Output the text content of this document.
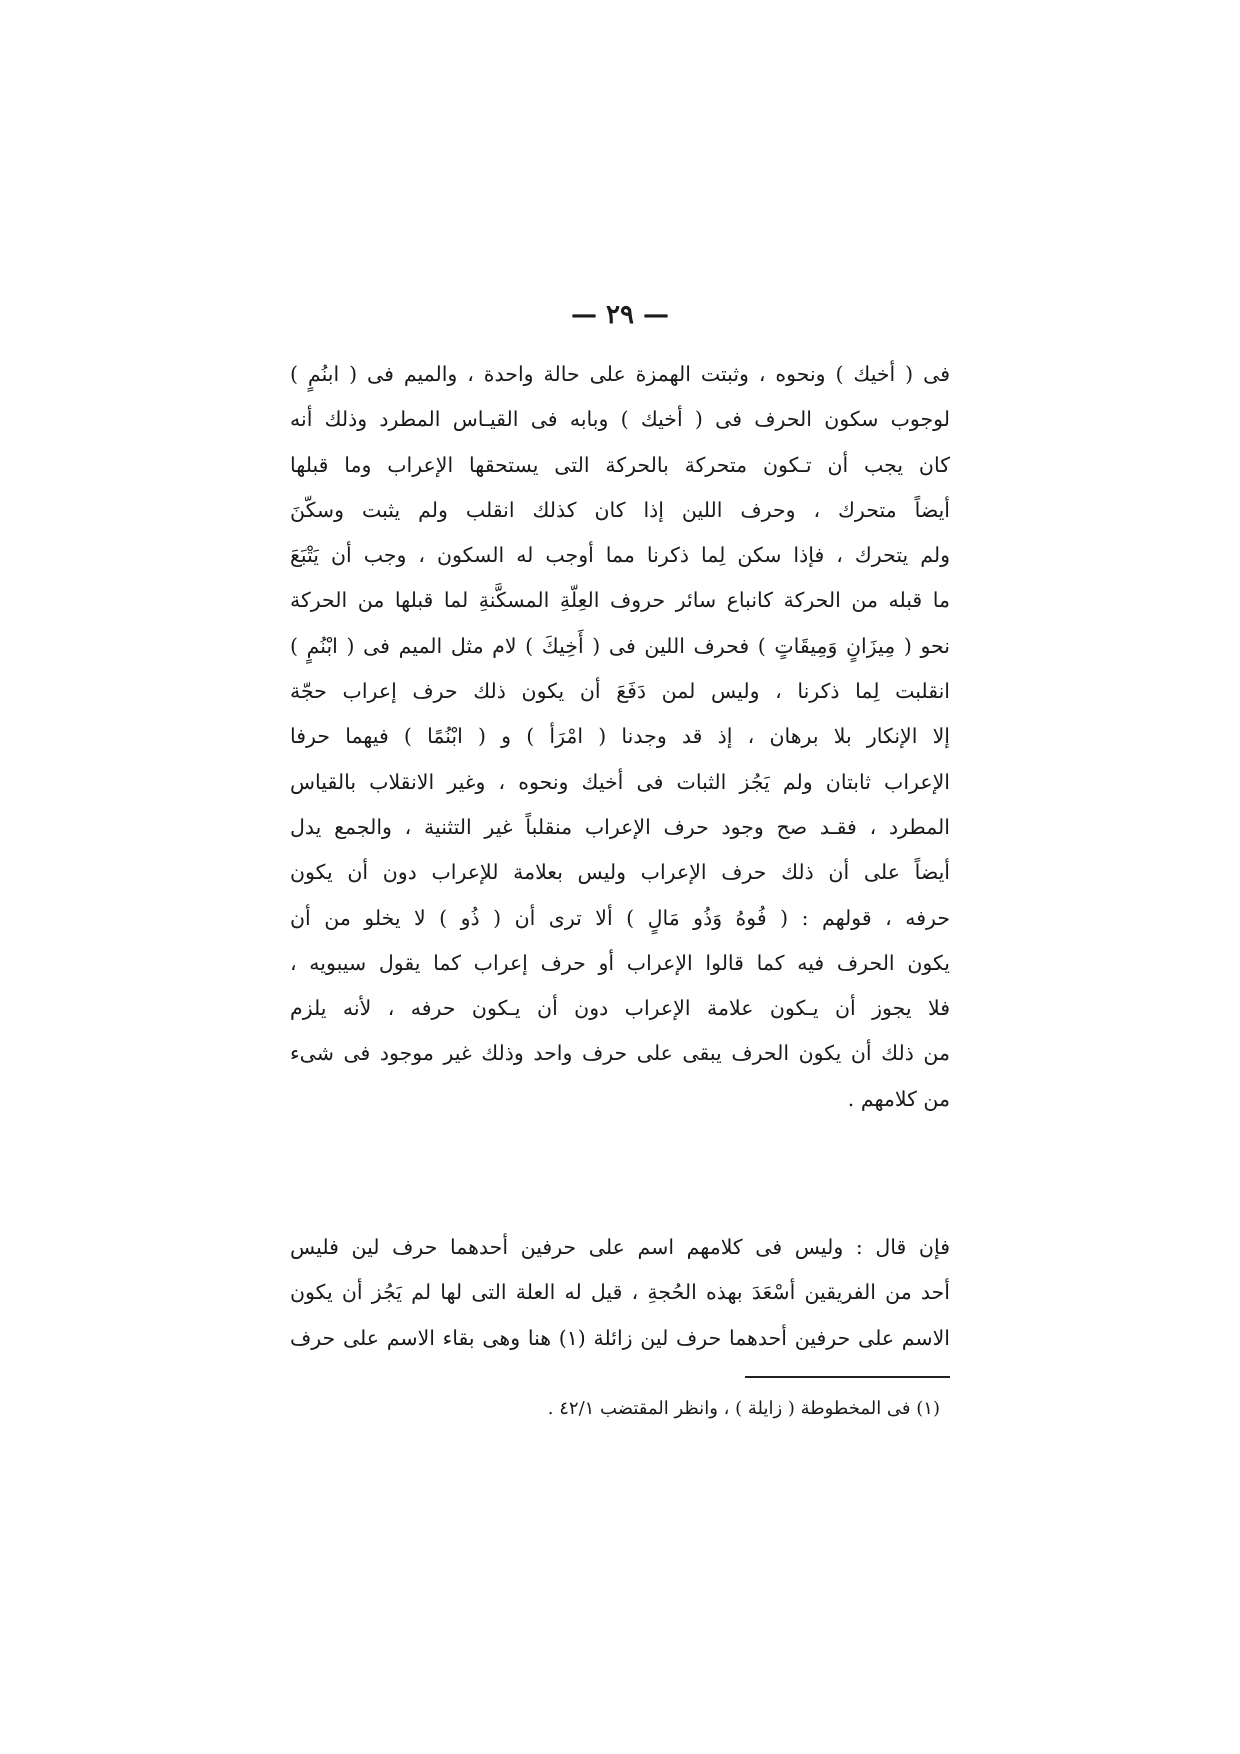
— ٢٩ —
فى ( أخيك ) ونحوه ، وثبتت الهمزة على حالة واحدة ، والميم فى ( ابنُمٍ )
لوجوب سكون الحرف فى ( أخيك ) وبابه فى القيـاس المطرد وذلك أنه
كان يجب أن تـكون متحركة بالحركة التى يستحقها الإعراب وما قبلها
أيضاً متحرك ، وحرف اللين إذا كان كذلك انقلب ولم يثبت وسكّنَ
ولم يتحرك ، فإذا سكن لِما ذكرنا مما أوجب له السكون ، وجب أن يَتْبَعَ
ما قبله من الحركة كانباع سائر حروف العِلّةِ المسكَّنةِ لما قبلها من الحركة
نحو ( مِيزَانٍ وَمِيقَاتٍ ) فحرف اللين فى ( أَخِيكَ ) لام مثل الميم فى ( ابْنُمٍ )
انقلبت لِما ذكرنا ، وليس لمن دَفَعَ أن يكون ذلك حرف إعراب حجّة
إلا الإنكار بلا برهان ، إذ قد وجدنا ( امْرَأ ) و ( ابْنُمًا ) فيهما حرفا
الإعراب ثابتان ولم يَجُز الثبات فى أخيك ونحوه ، وغير الانقلاب بالقياس
المطرد ، فقـد صح وجود حرف الإعراب منقلباً غير التثنية ، والجمع يدل
أيضاً على أن ذلك حرف الإعراب وليس بعلامة للإعراب دون أن يكون
حرفه ، قولهم : ( فُوهُ وَذُو مَالٍ ) ألا ترى أن ( ذُو ) لا يخلو من أن
يكون الحرف فيه كما قالوا الإعراب أو حرف إعراب كما يقول سيبويه ،
فلا يجوز أن يـكون علامة الإعراب دون أن يـكون حرفه ، لأنه يلزم
من ذلك أن يكون الحرف يبقى على حرف واحد وذلك غير موجود فى شىء
من كلامهم .
فإن قال : وليس فى كلامهم اسم على حرفين أحدهما حرف لين فليس
أحد من الفريقين أسْعَدَ بهذه الحُجةِ ، قيل له العلة التى لها لم يَجُز أن يكون
الاسم على حرفين أحدهما حرف لين زائلة (١) هنا وهى بقاء الاسم على حرف
(١) فى المخطوطة ( زايلة ) ، وانظر المقتضب ٤٢/١ .
